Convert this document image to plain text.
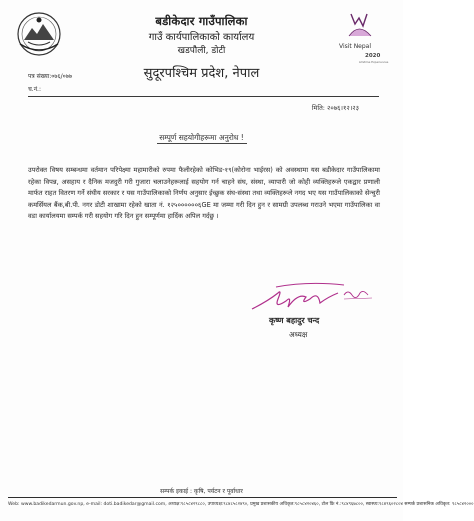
बडीकेदार गाउँपालिका
गाउँ कार्यपालिकाको कार्यालय
खडपौली, डोटी
सुदूरपश्चिम प्रदेश, नेपाल
Visit Nepal
2020
Lifetime Experiences
पत्र संख्या:०७६/०७७
च.नं.:
मिति: २०७६।१२।२३
सम्पूर्ण सहयोगीहरूमा अनुरोध !
उपरोक्त विषय सम्बन्धमा वर्तमान परिपेक्ष्मा महामारीको रुपमा फैलीरहेको कोभिड-१९(कोरोना भाईरस) को अवस्थामा यस बडीकेदार गाउँपालिकामा रहेका विपन्न, असहाय र दैनिक मजदुरी गरी गुजारा चलाउनेहरूलाई सहयोग गर्न चाहने संघ, संस्था, व्यापारी जो कोही व्यक्तिहरूले एकद्वार प्रणाली मार्फत राहत वितरण गर्ने संघीय सरकार र यस गाउँपालिकाको निर्णय अनुसार ईच्छुक संघ-संस्था तथा व्यक्तिहरूले नगद भए यस गाउँपालिकाको सेन्चुरी कमर्सियल बैंक,बी.पी. नगर डोटी शाखामा रहेको खाता नं. १२५००००००६GE मा जम्मा गरी दिन हुन र सामग्री उपलब्ध गराउने भएमा गाउँपालिका वा वडा कार्यालयमा सम्पर्क गरी सहयोग गरि दिन हुन सम्पूर्णमा हार्दिक अपिल गर्दछु ।
कृष्ण बहादुर चन्द
अध्यक्ष
सम्पर्क इकाई : कृषि, पर्यटन र पूर्वाधार
Web: www.badikedarmun.gov.np, e-mail: doti.badikedar@gmail.com, अध्यक्ष:९८५८४२९८८०, उपाध्यक्ष:९८४८५८२४९०, प्रमुख प्रशासकीय अधिकृत:९८५८४२०४६०, टोल फ्रि नं.:९८४९६७८००, स्वास्थ्य:९८४९६०२८०४ सम्पर्क प्रशासनिक अधिकृत: ९८५८४२०००
